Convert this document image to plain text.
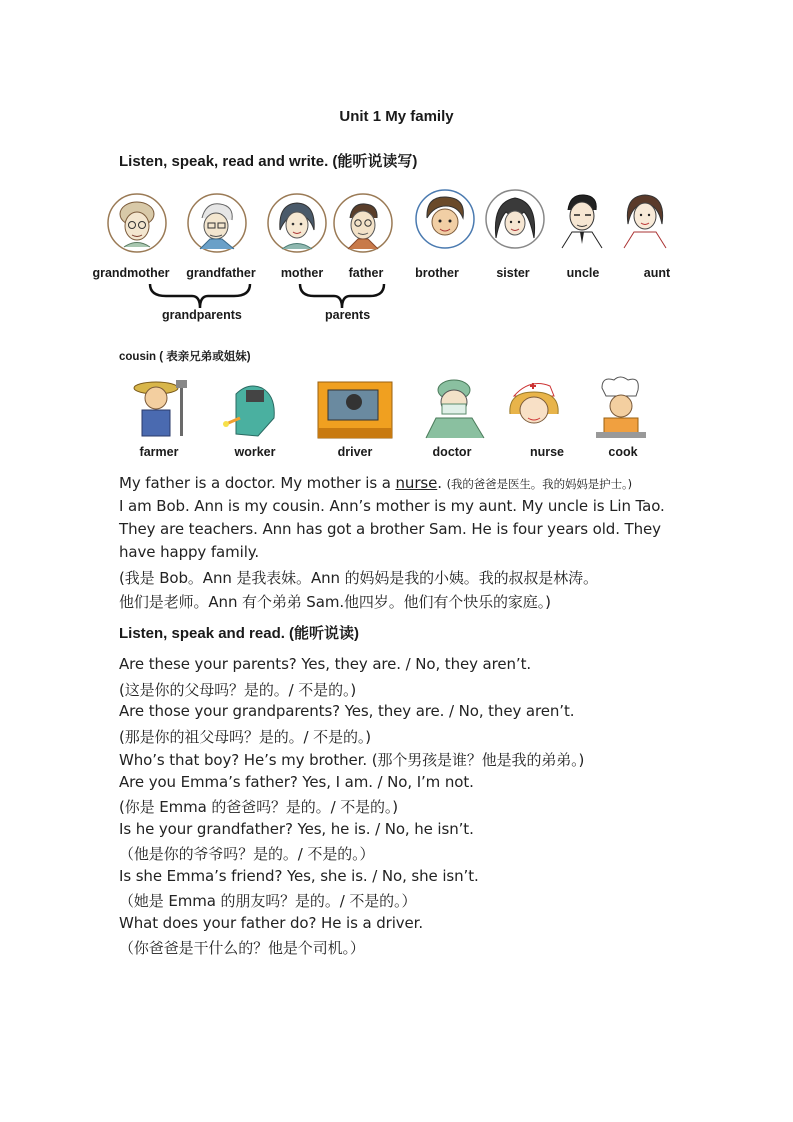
Unit 1 My family
Listen, speak, read and write. (能听说读写)
grandmother	grandfather	mother	father	brother	sister	uncle	aunt
grandparents	parents
cousin ( 表亲兄弟或姐妹)
farmer	worker	driver	doctor	nurse	cook
My father is a doctor. My mother is a nurse. (我的爸爸是医生。我的妈妈是护士。)
I am Bob. Ann is my cousin. Ann’s mother is my aunt. My uncle is Lin Tao.
They are teachers. Ann has got a brother Sam. He is four years old. They
have happy family.
(我是 Bob。Ann 是我表妹。Ann 的妈妈是我的小姨。我的叔叔是林涛。
他们是老师。Ann 有个弟弟 Sam.他四岁。他们有个快乐的家庭。)
Listen, speak and read. (能听说读)
Are these your parents? Yes, they are. / No, they aren’t.
(这是你的父母吗？是的。/ 不是的。)
Are those your grandparents? Yes, they are. / No, they aren’t.
(那是你的祖父母吗？是的。/ 不是的。)
Who’s that boy? He’s my brother. (那个男孩是谁？他是我的弟弟。)
Are you Emma’s father? Yes, I am. / No, I’m not.
(你是 Emma 的爸爸吗？是的。/ 不是的。)
Is he your grandfather? Yes, he is. / No, he isn’t.
（他是你的爷爷吗？是的。/ 不是的。）
Is she Emma’s friend? Yes, she is. / No, she isn’t.
（她是 Emma 的朋友吗？是的。/ 不是的。）
What does your father do? He is a driver.
（你爸爸是干什么的？他是个司机。）
